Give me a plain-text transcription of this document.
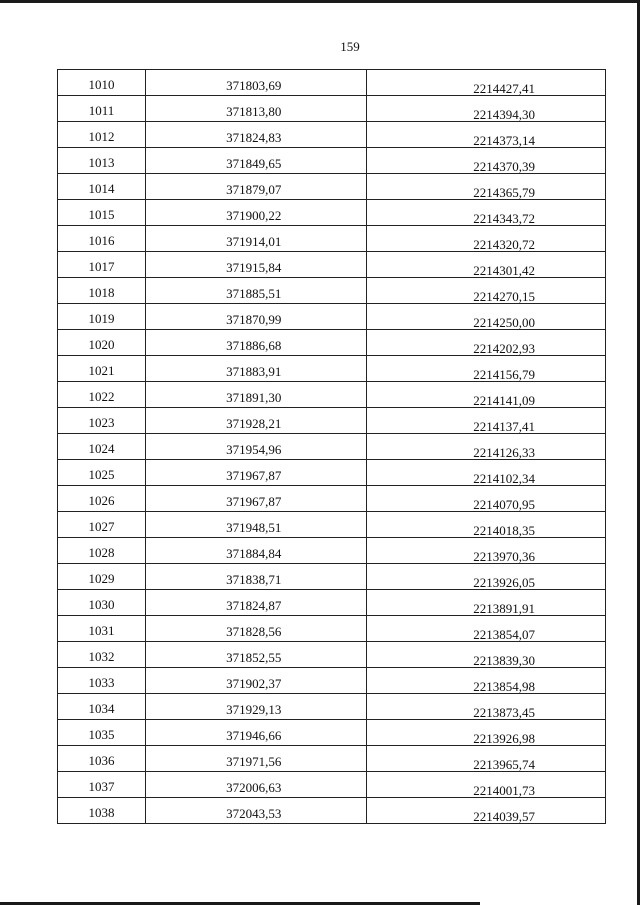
159
1010	371803,69	2214427,41
1011	371813,80	2214394,30
1012	371824,83	2214373,14
1013	371849,65	2214370,39
1014	371879,07	2214365,79
1015	371900,22	2214343,72
1016	371914,01	2214320,72
1017	371915,84	2214301,42
1018	371885,51	2214270,15
1019	371870,99	2214250,00
1020	371886,68	2214202,93
1021	371883,91	2214156,79
1022	371891,30	2214141,09
1023	371928,21	2214137,41
1024	371954,96	2214126,33
1025	371967,87	2214102,34
1026	371967,87	2214070,95
1027	371948,51	2214018,35
1028	371884,84	2213970,36
1029	371838,71	2213926,05
1030	371824,87	2213891,91
1031	371828,56	2213854,07
1032	371852,55	2213839,30
1033	371902,37	2213854,98
1034	371929,13	2213873,45
1035	371946,66	2213926,98
1036	371971,56	2213965,74
1037	372006,63	2214001,73
1038	372043,53	2214039,57
